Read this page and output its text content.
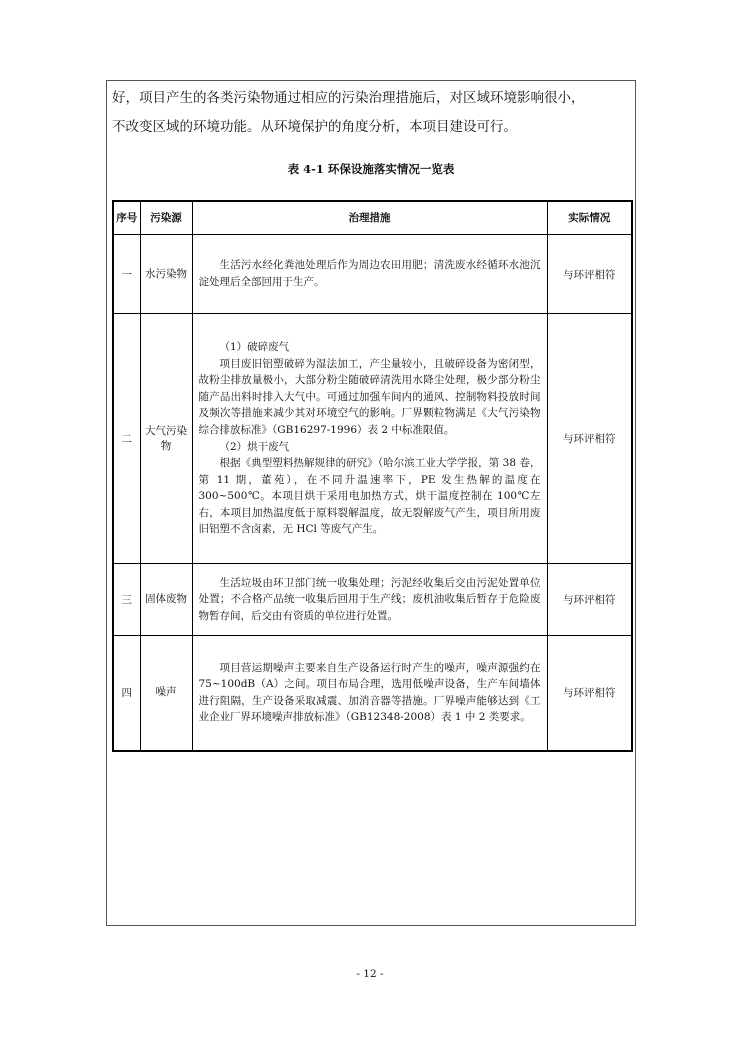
好，项目产生的各类污染物通过相应的污染治理措施后，对区域环境影响很小，

不改变区域的环境功能。从环境保护的角度分析，本项目建设可行。

表 4-1 环保设施落实情况一览表
序号	污染源	治理措施	实际情况
一	水污染物	生活污水经化粪池处理后作为周边农田用肥；清洗废水经循环水池沉淀处理后全部回用于生产。	与环评相符
二	大气污染物	（1）破碎废气

项目废旧铝塑破碎为湿法加工，产尘量较小，且破碎设备为密闭型，故粉尘排放量极小，大部分粉尘随破碎清洗用水降尘处理，极少部分粉尘随产品出料时排入大气中。可通过加强车间内的通风、控制物料投放时间及频次等措施来减少其对环境空气的影响。厂界颗粒物满足《大气污染物综合排放标准》（GB16297-1996）表 2 中标准限值。

（2）烘干废气

根据《典型塑料热解规律的研究》（哈尔滨工业大学学报，第 38 卷，第 11 期，董苑），在不同升温速率下，PE 发生热解的温度在 300~500℃。本项目烘干采用电加热方式，烘干温度控制在 100℃左右，本项目加热温度低于原料裂解温度，故无裂解废气产生，项目所用废旧铝塑不含卤素，无 HCl 等废气产生。	与环评相符
三	固体废物	生活垃圾由环卫部门统一收集处理；污泥经收集后交由污泥处置单位处置；不合格产品统一收集后回用于生产线；废机油收集后暂存于危险废物暂存间，后交由有资质的单位进行处置。	与环评相符
四	噪声	项目营运期噪声主要来自生产设备运行时产生的噪声，噪声源强约在 75~100dB（A）之间。项目布局合理，选用低噪声设备，生产车间墙体进行阻隔，生产设备采取减震、加消音器等措施。厂界噪声能够达到《工业企业厂界环境噪声排放标准》（GB12348-2008）表 1 中 2 类要求。	与环评相符
- 12 -
